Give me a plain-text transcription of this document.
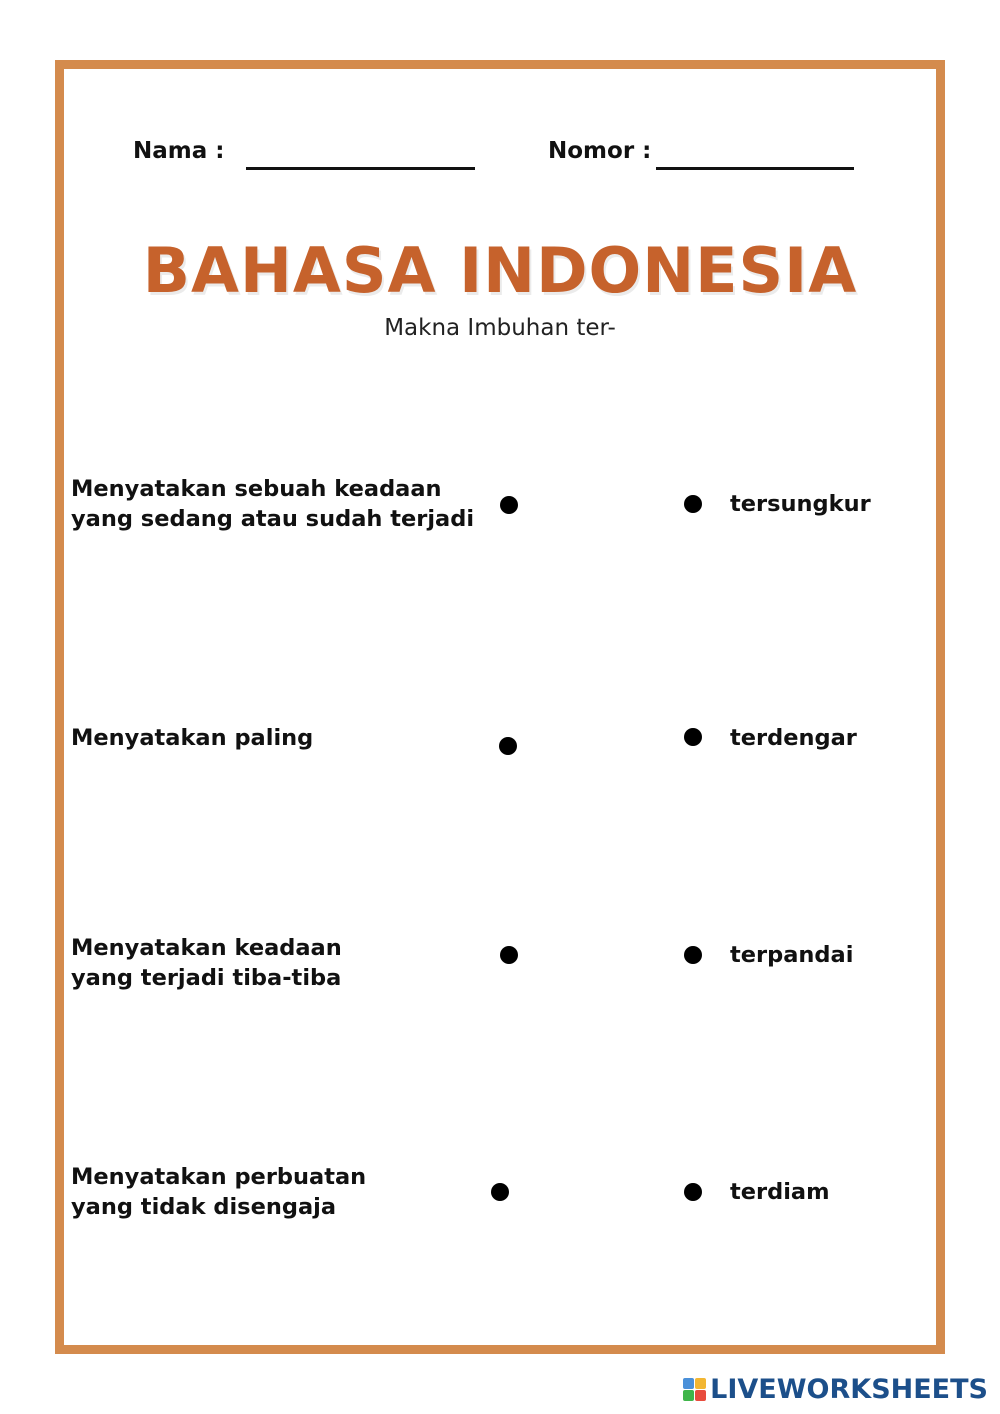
Nama :	Nomor :
BAHASA INDONESIA
Makna Imbuhan ter-
Menyatakan sebuah keadaan
yang sedang atau sudah terjadi
tersungkur
Menyatakan paling	terdengar
Menyatakan keadaan
yang terjadi tiba-tiba
terpandai
Menyatakan perbuatan
yang tidak disengaja
terdiam
LIVEWORKSHEETS
